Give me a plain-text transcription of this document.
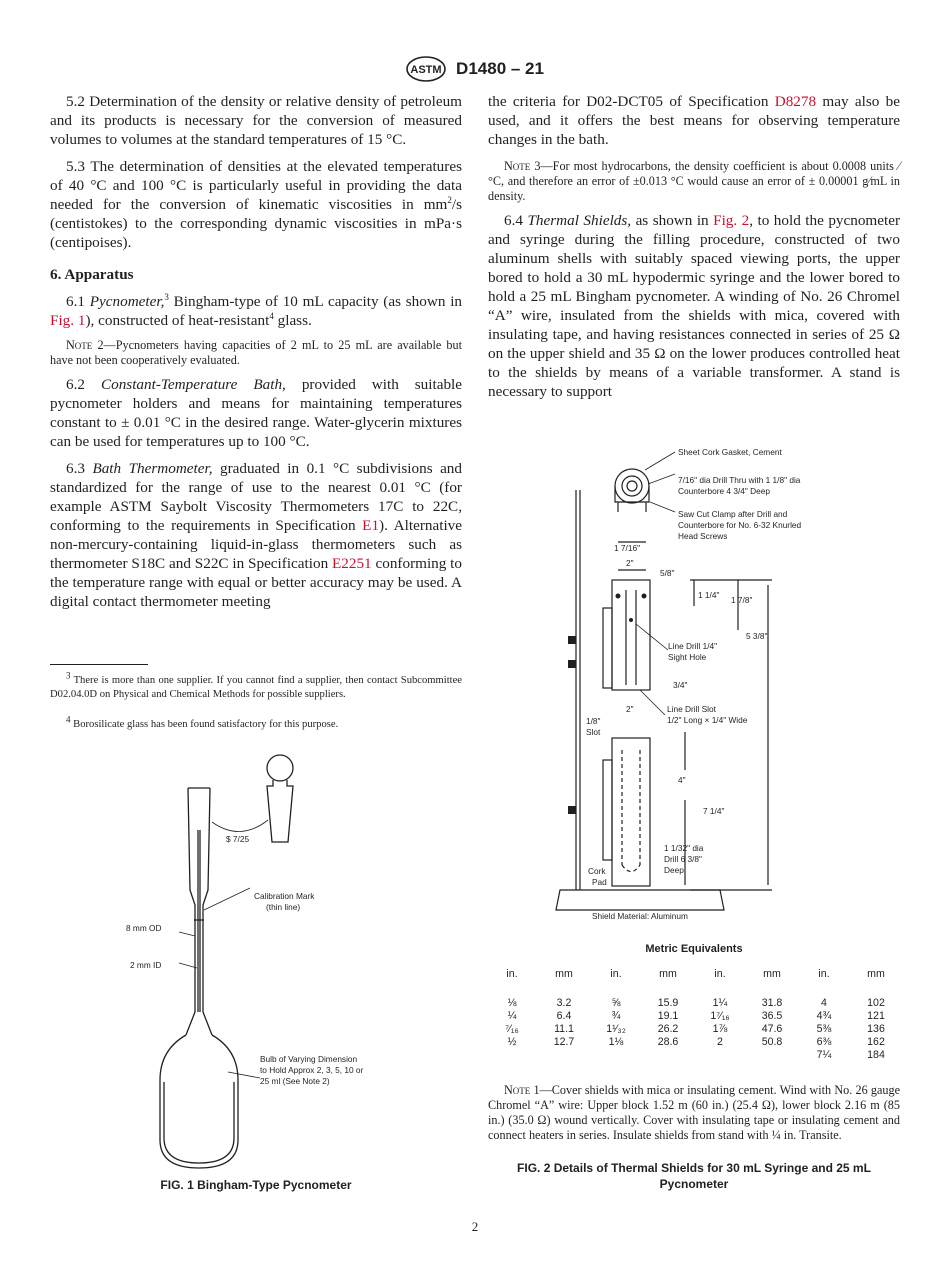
ASTM D1480 – 21

5.2 Determination of the density or relative density of petroleum and its products is necessary for the conversion of measured volumes to volumes at the standard temperatures of 15 °C.

5.3 The determination of densities at the elevated temperatures of 40 °C and 100 °C is particularly useful in providing the data needed for the conversion of kinematic viscosities in $mm^2/s$ (centistokes) to the corresponding dynamic viscosities in mPa·s (centipoises).

6. Apparatus

6.1 Pycnometer,$^3$ Bingham-type of 10 mL capacity (as shown in Fig. 1), constructed of heat-resistant$^4$ glass.

Note 2—Pycnometers having capacities of 2 mL to 25 mL are available but have not been cooperatively evaluated.

6.2 Constant-Temperature Bath, provided with suitable pycnometer holders and means for maintaining temperatures constant to ± 0.01 °C in the desired range. Water-glycerin mixtures can be used for temperatures up to 100 °C.

6.3 Bath Thermometer, graduated in 0.1 °C subdivisions and standardized for the range of use to the nearest 0.01 °C (for example ASTM Saybolt Viscosity Thermometers 17C to 22C, conforming to the requirements in Specification E1). Alternative non-mercury-containing liquid-in-glass thermometers such as thermometer S18C and S22C in Specification E2251 conforming to the temperature range with equal or better accuracy may be used. A digital contact thermometer meeting

$^3$ There is more than one supplier. If you cannot find a supplier, then contact Subcommittee D02.04.0D on Physical and Chemical Methods for possible suppliers.
$^4$ Borosilicate glass has been found satisfactory for this purpose.
$ 7/25
Calibration Mark
(thin line)
8 mm OD
2 mm ID
Bulb of Varying Dimension
to Hold Approx 2, 3, 5, 10 or
25 ml (See Note 2)
FIG. 1 Bingham-Type Pycnometer

the criteria for D02-DCT05 of Specification D8278 may also be used, and it offers the best means for observing temperature changes in the bath.

Note 3—For most hydrocarbons, the density coefficient is about 0.0008 units ⁄ °C, and therefore an error of ±0.013 °C would cause an error of ± 0.00001 g⁄mL in density.

6.4 Thermal Shields, as shown in Fig. 2, to hold the pycnometer and syringe during the filling procedure, constructed of two aluminum shells with suitably spaced viewing ports, the upper bored to hold a 30 mL hypodermic syringe and the lower bored to hold a 25 mL Bingham pycnometer. A winding of No. 26 Chromel “A” wire, insulated from the shields with mica, covered with insulating tape, and having resistances connected in series of 25 Ω on the upper shield and 35 Ω on the lower produces controlled heat to the shields by means of a variable transformer. A stand is necessary to support

Sheet Cork Gasket, Cement
7/16" dia Drill Thru with 1 1/8" dia
Counterbore 4 3/4" Deep
Saw Cut Clamp after Drill and
Counterbore for No. 6-32 Knurled
Head Screws
1 7/16"
2"
5/8"
1 1/4" 1 7/8"
5 3/8"
Line Drill 1/4"
Sight Hole
3/4"
Line Drill Slot
1/2" Long × 1/4" Wide
2"
1/8"
Slot
4"
7 1/4"
1 1/32" dia
Drill 6 3/8"
Deep
Cork
Pad
Shield Material: Aluminum
Metric Equivalents
in.	mm	in.	mm	in.	mm	in.	mm
⅛	3.2	⅝	15.9	1¼	31.8	4	102
¼	6.4	¾	19.1	1⁷⁄₁₆	36.5	4¾	121
⁷⁄₁₆	11.1	1¹⁄₃₂	26.2	1⅞	47.6	5⅜	136
½	12.7	1⅛	28.6	2	50.8	6⅜	162
						7¼	184
Note 1—Cover shields with mica or insulating cement. Wind with No. 26 gauge Chromel “A” wire: Upper block 1.52 m (60 in.) (25.4 Ω), lower block 2.16 m (85 in.) (35.0 Ω) wound vertically. Cover with insulating tape or insulating cement and connect heaters in series. Insulate shields from stand with ¼ in. Transite.
FIG. 2 Details of Thermal Shields for 30 mL Syringe and 25 mL
Pycnometer
2
